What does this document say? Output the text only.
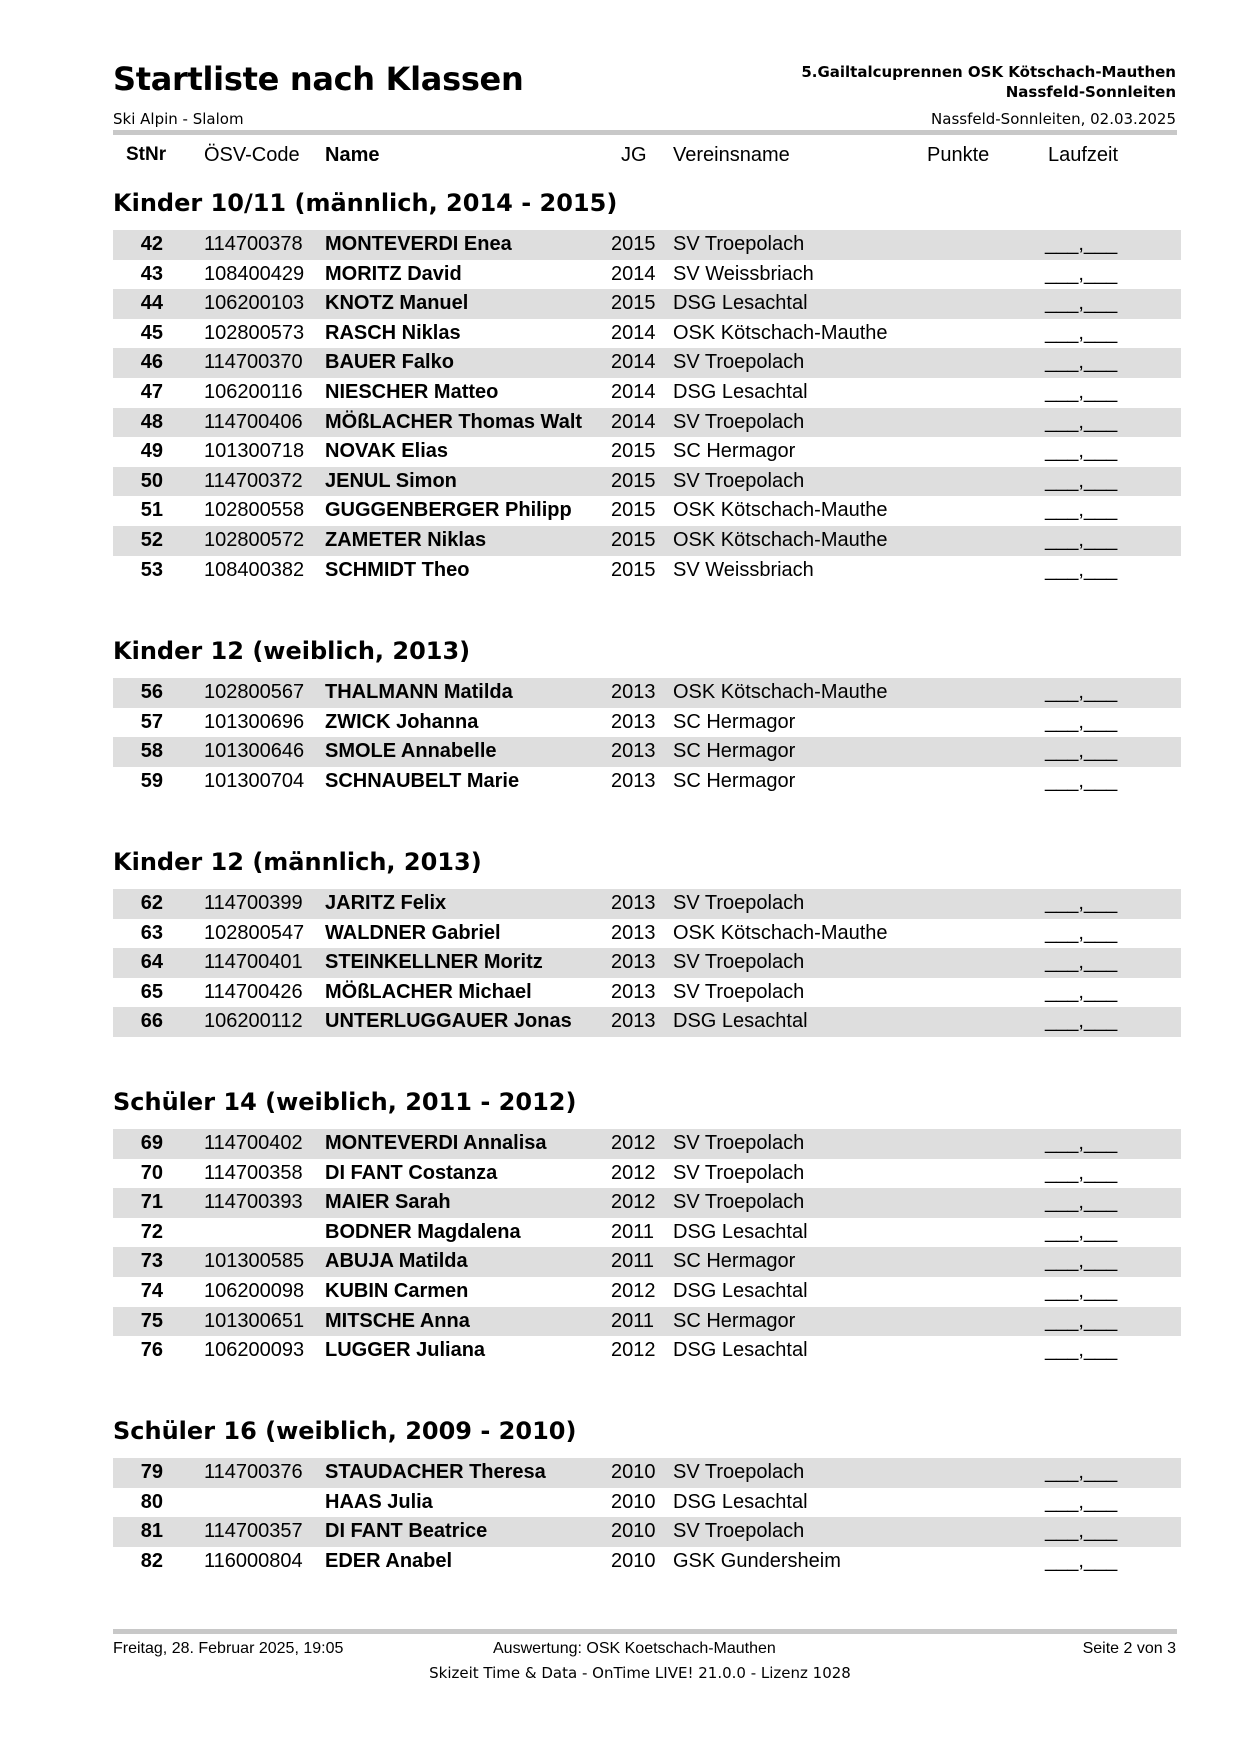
Startliste nach Klassen
Ski Alpin - Slalom
5.Gailtalcuprennen OSK Kötschach-Mauthen
Nassfeld-Sonnleiten
Nassfeld-Sonnleiten, 02.03.2025
StNr ÖSV-Code Name	JG Vereinsname	Punkte	Laufzeit
Kinder 10/11 (männlich, 2014 - 2015)
42 114700378 MONTEVERDI Enea	2015 SV Troepolach	___,___
43 108400429 MORITZ David	2014 SV Weissbriach	___,___
44 106200103 KNOTZ Manuel	2015 DSG Lesachtal	___,___
45 102800573 RASCH Niklas	2014 OSK Kötschach-Mauthe	___,___
46 114700370 BAUER Falko	2014 SV Troepolach	___,___
47 106200116 NIESCHER Matteo	2014 DSG Lesachtal	___,___
48 114700406 MÖßLACHER Thomas Walt 2014 SV Troepolach	___,___
49 101300718 NOVAK Elias	2015 SC Hermagor	___,___
50 114700372 JENUL Simon	2015 SV Troepolach	___,___
51 102800558 GUGGENBERGER Philipp 2015 OSK Kötschach-Mauthe	___,___
52 102800572 ZAMETER Niklas	2015 OSK Kötschach-Mauthe	___,___
53 108400382 SCHMIDT Theo	2015 SV Weissbriach	___,___
Kinder 12 (weiblich, 2013)
56 102800567 THALMANN Matilda	2013 OSK Kötschach-Mauthe	___,___
57 101300696 ZWICK Johanna	2013 SC Hermagor	___,___
58 101300646 SMOLE Annabelle	2013 SC Hermagor	___,___
59 101300704 SCHNAUBELT Marie	2013 SC Hermagor	___,___
Kinder 12 (männlich, 2013)
62 114700399 JARITZ Felix	2013 SV Troepolach	___,___
63 102800547 WALDNER Gabriel	2013 OSK Kötschach-Mauthe	___,___
64 114700401 STEINKELLNER Moritz	2013 SV Troepolach	___,___
65 114700426 MÖßLACHER Michael	2013 SV Troepolach	___,___
66 106200112 UNTERLUGGAUER Jonas 2013 DSG Lesachtal	___,___
Schüler 14 (weiblich, 2011 - 2012)
69 114700402 MONTEVERDI Annalisa	2012 SV Troepolach	___,___
70 114700358 DI FANT Costanza	2012 SV Troepolach	___,___
71 114700393 MAIER Sarah	2012 SV Troepolach	___,___
72	BODNER Magdalena	2011 DSG Lesachtal	___,___
73 101300585 ABUJA Matilda	2011 SC Hermagor	___,___
74 106200098 KUBIN Carmen	2012 DSG Lesachtal	___,___
75 101300651 MITSCHE Anna	2011 SC Hermagor	___,___
76 106200093 LUGGER Juliana	2012 DSG Lesachtal	___,___
Schüler 16 (weiblich, 2009 - 2010)
79 114700376 STAUDACHER Theresa	2010 SV Troepolach	___,___
80	HAAS Julia	2010 DSG Lesachtal	___,___
81 114700357 DI FANT Beatrice	2010 SV Troepolach	___,___
82 116000804 EDER Anabel	2010 GSK Gundersheim	___,___
Freitag, 28. Februar 2025, 19:05	Auswertung: OSK Koetschach-Mauthen	Seite 2 von 3
Skizeit Time & Data - OnTime LIVE! 21.0.0 - Lizenz 1028
